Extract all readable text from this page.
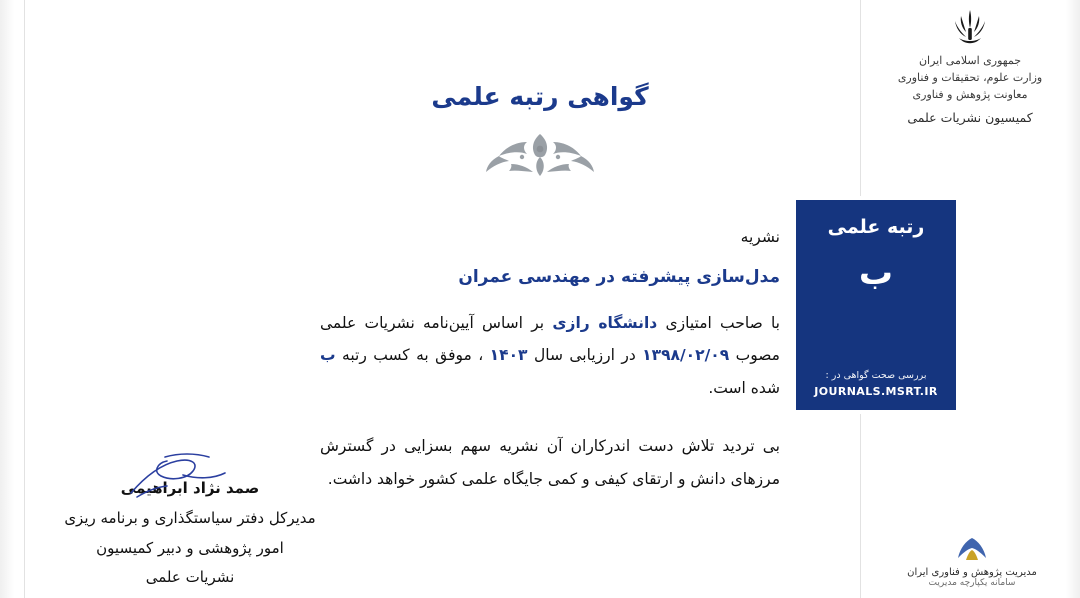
جمهوری اسلامی ایران
وزارت علوم، تحقیقات و فناوری
معاونت پژوهش و فناوری
کمیسیون نشریات علمی
گواهی رتبه علمی
نشریه
مدل‌سازی پیشرفته در مهندسی عمران
با صاحب امتیازی دانشگاه رازی بر اساس آیین‌نامه نشریات علمی مصوب ۱۳۹۸/۰۲/۰۹ در ارزیابی سال ۱۴۰۳ ، موفق به کسب رتبه ب شده است.
بی تردید تلاش دست اندرکاران آن نشریه سهم بسزایی در گسترش مرزهای دانش و ارتقای کیفی و کمی جایگاه علمی کشور خواهد داشت.
رتبه علمی
ب
بررسی صحت گواهی در :
JOURNALS.MSRT.IR
صمد نژاد ابراهیمی
مدیرکل دفتر سیاستگذاری و برنامه ریزی
امور پژوهشی و دبیر کمیسیون
نشریات علمی	مدیریت پژوهش و فناوری ایران
سامانه یکپارچه مدیریت
